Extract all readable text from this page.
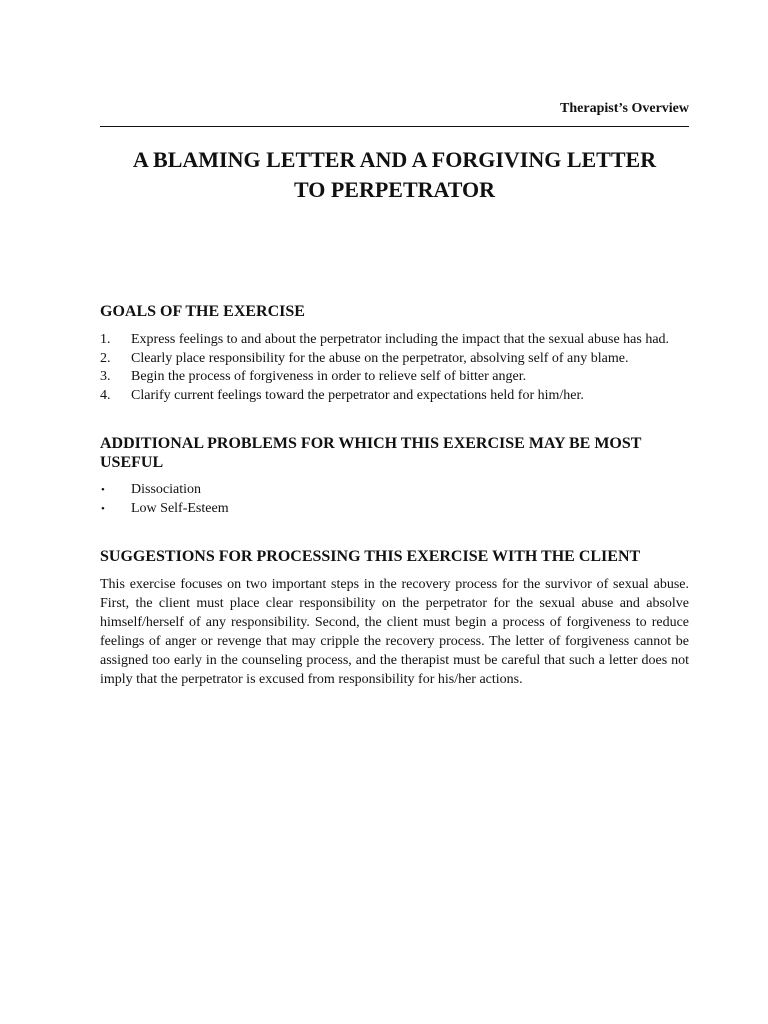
Therapist’s Overview
A BLAMING LETTER AND A FORGIVING LETTER
TO PERPETRATOR
GOALS OF THE EXERCISE
1. Express feelings to and about the perpetrator including the impact that the sexual abuse has had.
2. Clearly place responsibility for the abuse on the perpetrator, absolving self of any blame.
3. Begin the process of forgiveness in order to relieve self of bitter anger.
4. Clarify current feelings toward the perpetrator and expectations held for him/her.
ADDITIONAL PROBLEMS FOR WHICH THIS EXERCISE MAY BE MOST
USEFUL
• Dissociation
• Low Self-Esteem
SUGGESTIONS FOR PROCESSING THIS EXERCISE WITH THE CLIENT

This exercise focuses on two important steps in the recovery process for the survivor of sexual abuse. First, the client must place clear responsibility on the perpetrator for the sexual abuse and absolve himself/herself of any responsibility. Second, the client must begin a process of forgiveness to reduce feelings of anger or revenge that may cripple the recovery process. The letter of forgiveness cannot be assigned too early in the counseling process, and the therapist must be careful that such a letter does not imply that the perpetrator is excused from responsibility for his/her actions.
